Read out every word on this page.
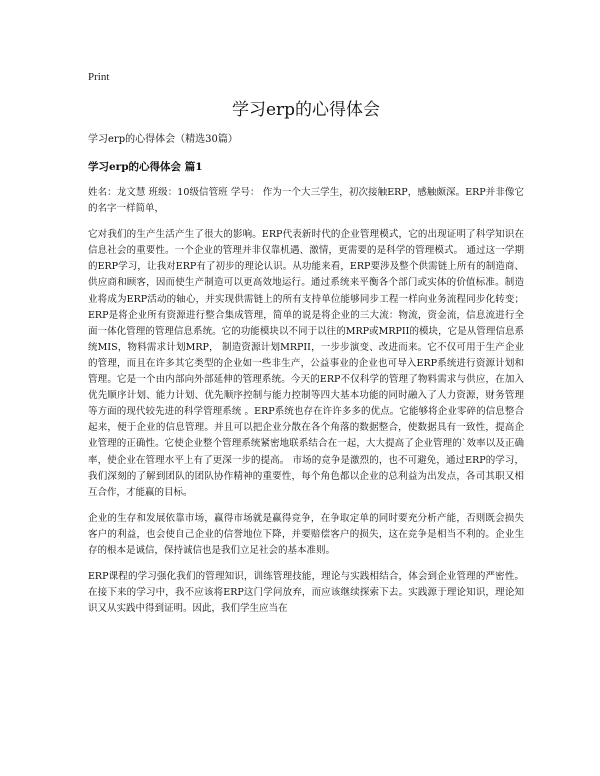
Print
学习erp的心得体会
学习erp的心得体会（精选30篇）
学习erp的心得体会 篇1

姓名：龙文慧 班级：10级信管班 学号： 作为一个大三学生，初次接触ERP，感触颇深。ERP并非像它的名字一样简单，

它对我们的生产生活产生了很大的影响。ERP代表新时代的企业管理模式，它的出现证明了科学知识在信息社会的重要性。一个企业的管理并非仅靠机遇、激情，更需要的是科学的管理模式。 通过这一学期的ERP学习，让我对ERP有了初步的理论认识。从功能来看，ERP要涉及整个供需链上所有的制造商、供应商和顾客，因而使生产制造可以更高效地运行。通过系统来平衡各个部门或实体的价值标准。制造业将成为ERP活动的轴心，并实现供需链上的所有支持单位能够同步工程一样向业务流程同步化转变； ERP是将企业所有资源进行整合集成管理，简单的说是将企业的三大流：物流，资金流，信息流进行全面一体化管理的管理信息系统。它的功能模块以不同于以往的MRP或MRPII的模块，它是从管理信息系统MIS，物料需求计划MRP， 制造资源计划MRPII，一步步演变、改进而来。它不仅可用于生产企业的管理，而且在许多其它类型的企业如一些非生产，公益事业的企业也可导入ERP系统进行资源计划和管理。它是一个由内部向外部延伸的管理系统。今天的ERP不仅科学的管理了物料需求与供应，在加入优先顺序计划、能力计划、优先顺序控制与能力控制等四大基本功能的同时融入了人力资源，财务管理等方面的现代较先进的科学管理系统 。ERP系统也存在许许多多的优点。它能够将企业零碎的信息整合起来，便于企业的信息管理。并且可以把企业分散在各个角落的数据整合，使数据具有一致性，提高企业管理的正确性。它使企业整个管理系统紧密地联系结合在一起，大大提高了企业管理的`效率以及正确率，使企业在管理水平上有了更深一步的提高。 市场的竞争是激烈的，也不可避免，通过ERP的学习，我们深刻的了解到团队的团队协作精神的重要性，每个角色都以企业的总利益为出发点，各司其职又相互合作，才能赢的目标。

企业的生存和发展依靠市场，赢得市场就是赢得竞争，在争取定单的同时要充分析产能，否则既会损失客户的利益，也会使自己企业的信誉地位下降，并要赔偿客户的损失，这在竞争是相当不利的。企业生存的根本是诚信，保持诚信也是我们立足社会的基本准则。

ERP课程的学习强化我们的管理知识，训练管理技能，理论与实践相结合，体会到企业管理的严密性。在接下来的学习中，我不应该将ERP这门学问放弃，而应该继续探索下去。实践源于理论知识，理论知识又从实践中得到证明。因此，我们学生应当在
